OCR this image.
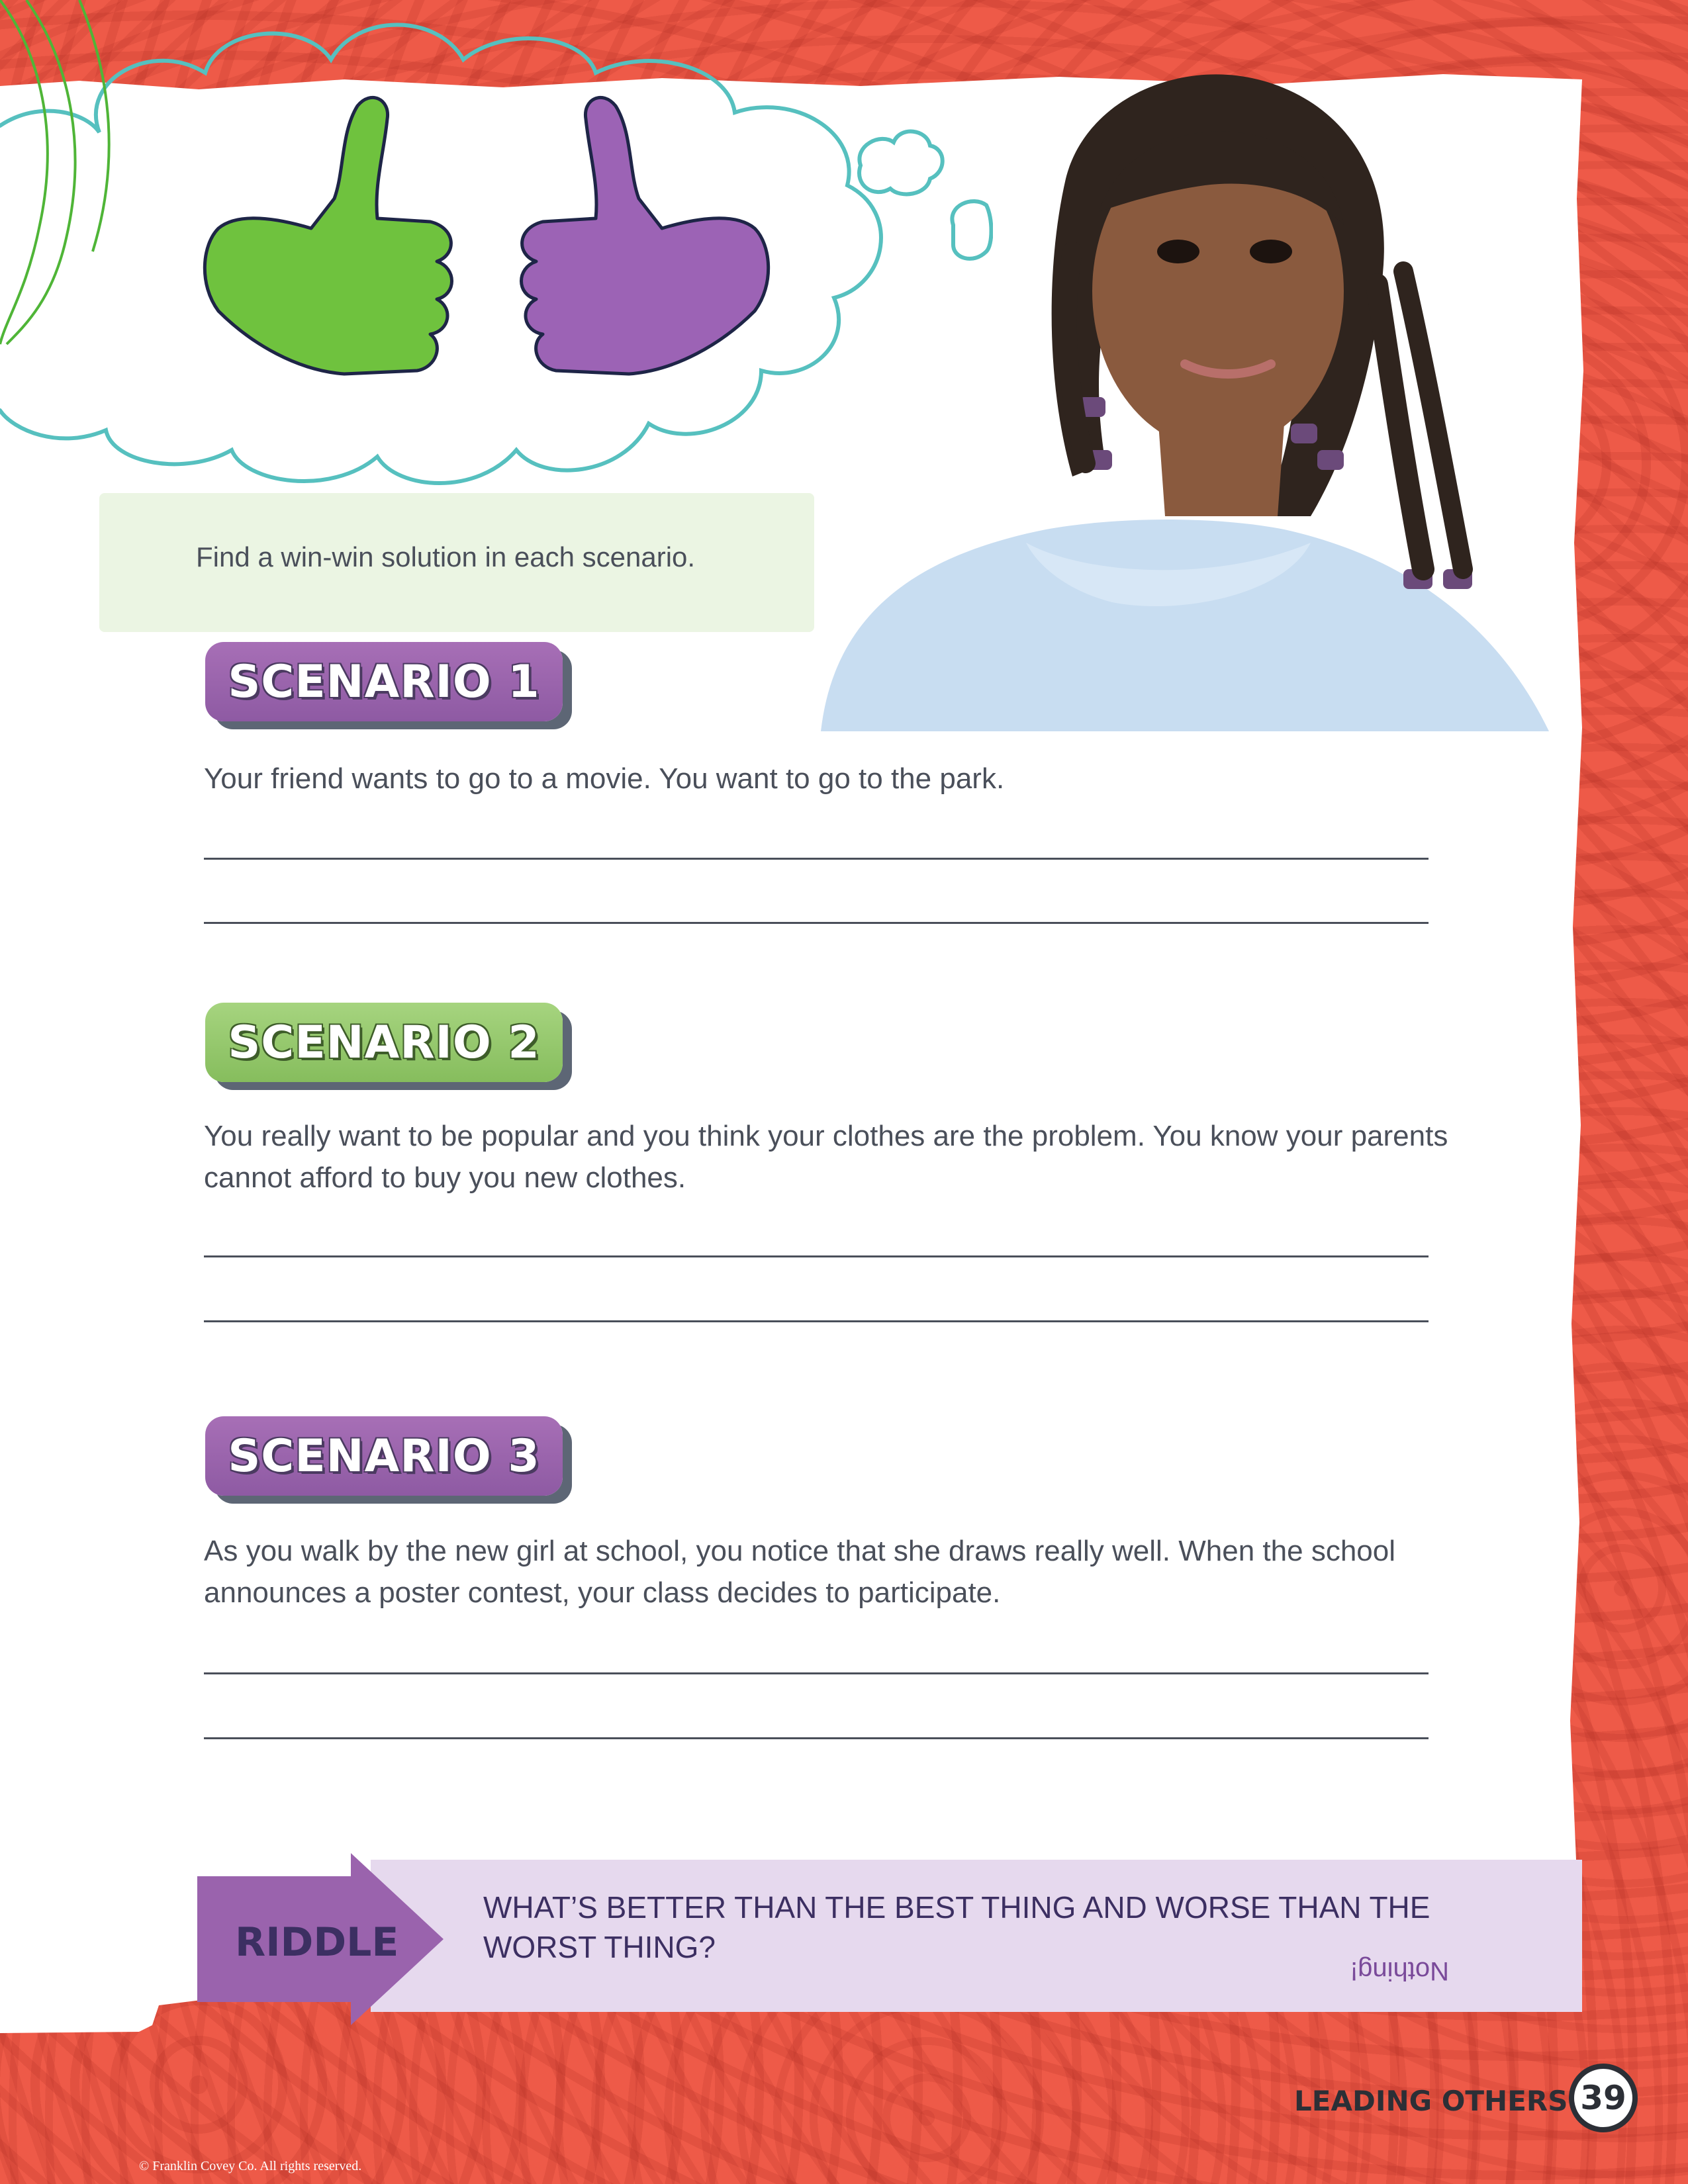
Find a win-win solution in each scenario.
SCENARIO 1
Your friend wants to go to a movie. You want to go to the park.
SCENARIO 2
You really want to be popular and you think your clothes are the problem. You know your parents cannot afford to buy you new clothes.
SCENARIO 3
As you walk by the new girl at school, you notice that she draws really well. When the school announces a poster contest, your class decides to participate.
RIDDLE
WHAT’S BETTER THAN THE BEST THING AND WORSE THAN THE WORST THING?
Nothing!
© Franklin Covey Co. All rights reserved.
LEADING OTHERS 39
